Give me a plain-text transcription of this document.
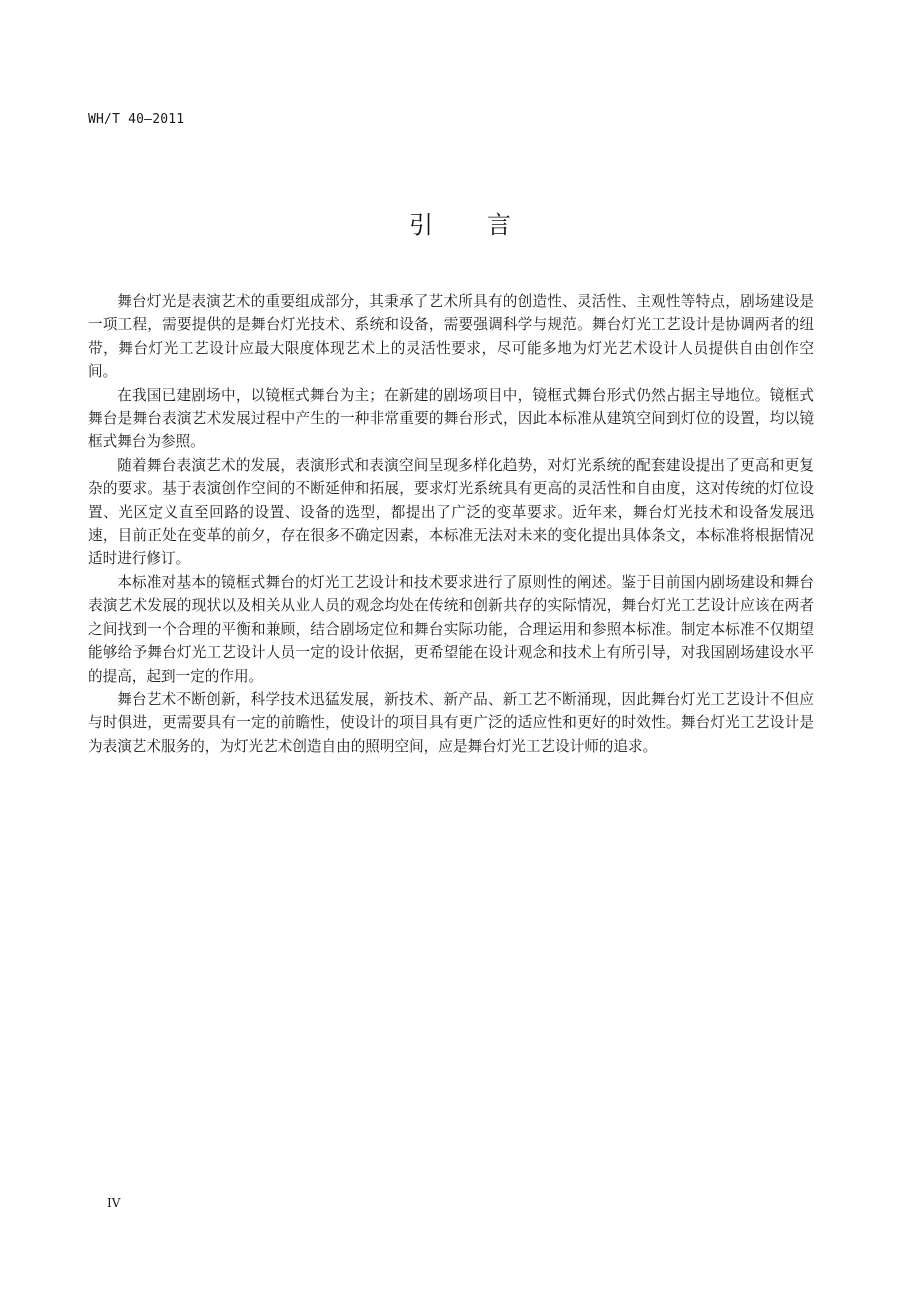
WH/T 40—2011
引 言

舞台灯光是表演艺术的重要组成部分，其秉承了艺术所具有的创造性、灵活性、主观性等特点，剧场建设是一项工程，需要提供的是舞台灯光技术、系统和设备，需要强调科学与规范。舞台灯光工艺设计是协调两者的纽带，舞台灯光工艺设计应最大限度体现艺术上的灵活性要求，尽可能多地为灯光艺术设计人员提供自由创作空间。

在我国已建剧场中，以镜框式舞台为主；在新建的剧场项目中，镜框式舞台形式仍然占据主导地位。镜框式舞台是舞台表演艺术发展过程中产生的一种非常重要的舞台形式，因此本标准从建筑空间到灯位的设置，均以镜框式舞台为参照。

随着舞台表演艺术的发展，表演形式和表演空间呈现多样化趋势，对灯光系统的配套建设提出了更高和更复杂的要求。基于表演创作空间的不断延伸和拓展，要求灯光系统具有更高的灵活性和自由度，这对传统的灯位设置、光区定义直至回路的设置、设备的选型，都提出了广泛的变革要求。近年来，舞台灯光技术和设备发展迅速，目前正处在变革的前夕，存在很多不确定因素，本标准无法对未来的变化提出具体条文，本标准将根据情况适时进行修订。

本标准对基本的镜框式舞台的灯光工艺设计和技术要求进行了原则性的阐述。鉴于目前国内剧场建设和舞台表演艺术发展的现状以及相关从业人员的观念均处在传统和创新共存的实际情况，舞台灯光工艺设计应该在两者之间找到一个合理的平衡和兼顾，结合剧场定位和舞台实际功能，合理运用和参照本标准。制定本标准不仅期望能够给予舞台灯光工艺设计人员一定的设计依据，更希望能在设计观念和技术上有所引导，对我国剧场建设水平的提高，起到一定的作用。

舞台艺术不断创新，科学技术迅猛发展，新技术、新产品、新工艺不断涌现，因此舞台灯光工艺设计不但应与时俱进，更需要具有一定的前瞻性，使设计的项目具有更广泛的适应性和更好的时效性。舞台灯光工艺设计是为表演艺术服务的，为灯光艺术创造自由的照明空间，应是舞台灯光工艺设计师的追求。

IV
